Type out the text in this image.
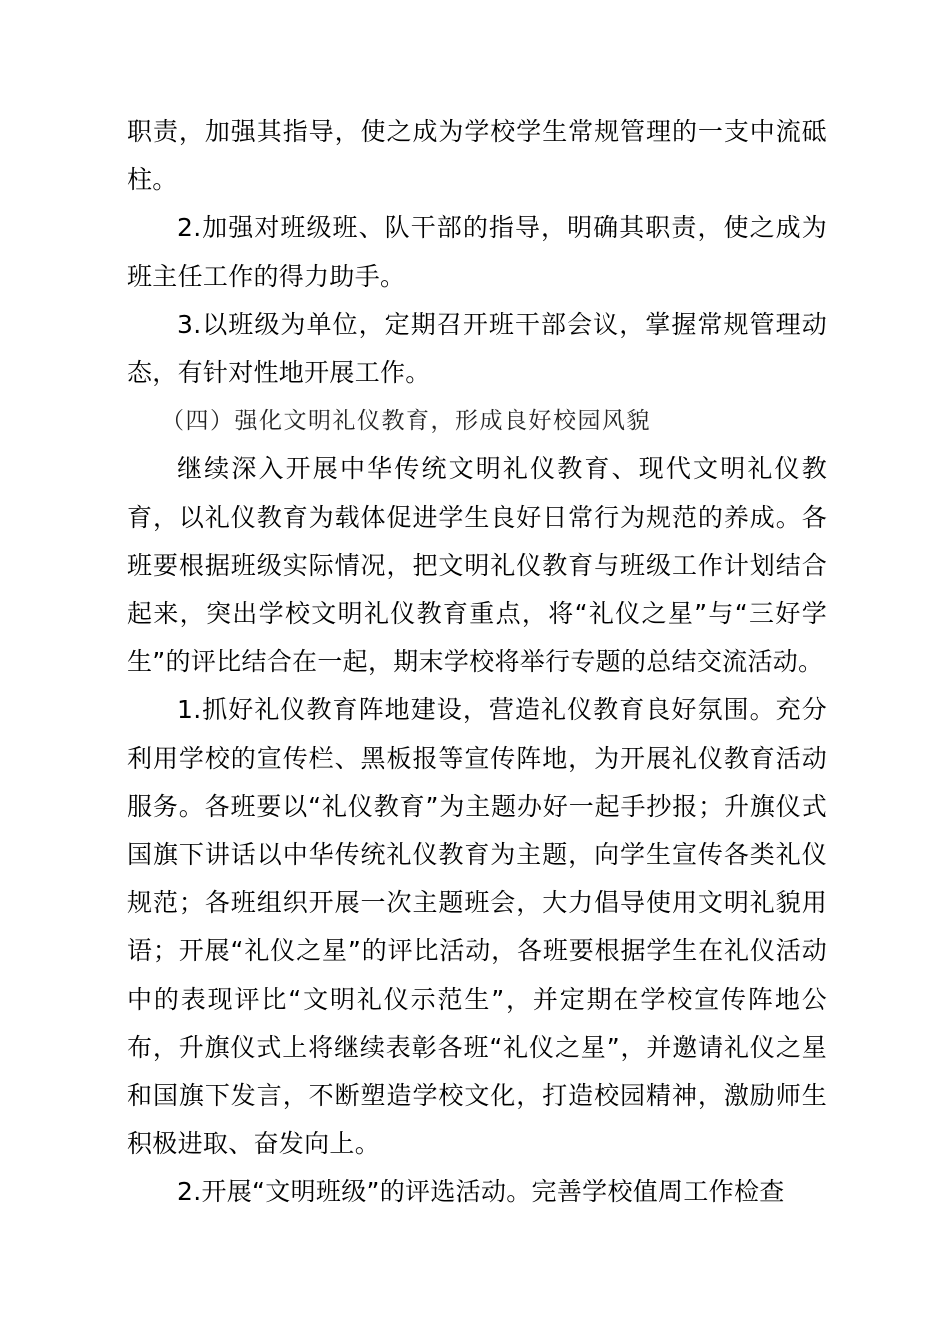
职责，加强其指导，使之成为学校学生常规管理的一支中流砥柱。

2.加强对班级班、队干部的指导，明确其职责，使之成为班主任工作的得力助手。

3.以班级为单位，定期召开班干部会议，掌握常规管理动态，有针对性地开展工作。

（四）强化文明礼仪教育，形成良好校园风貌

继续深入开展中华传统文明礼仪教育、现代文明礼仪教育，以礼仪教育为载体促进学生良好日常行为规范的养成。各班要根据班级实际情况，把文明礼仪教育与班级工作计划结合起来，突出学校文明礼仪教育重点，将“礼仪之星”与“三好学生”的评比结合在一起，期末学校将举行专题的总结交流活动。

1.抓好礼仪教育阵地建设，营造礼仪教育良好氛围。充分利用学校的宣传栏、黑板报等宣传阵地，为开展礼仪教育活动服务。各班要以“礼仪教育”为主题办好一起手抄报；升旗仪式国旗下讲话以中华传统礼仪教育为主题，向学生宣传各类礼仪规范；各班组织开展一次主题班会，大力倡导使用文明礼貌用语；开展“礼仪之星”的评比活动，各班要根据学生在礼仪活动中的表现评比“文明礼仪示范生”，并定期在学校宣传阵地公布，升旗仪式上将继续表彰各班“礼仪之星”，并邀请礼仪之星和国旗下发言，不断塑造学校文化，打造校园精神，激励师生积极进取、奋发向上。

2.开展“文明班级”的评选活动。完善学校值周工作检查
